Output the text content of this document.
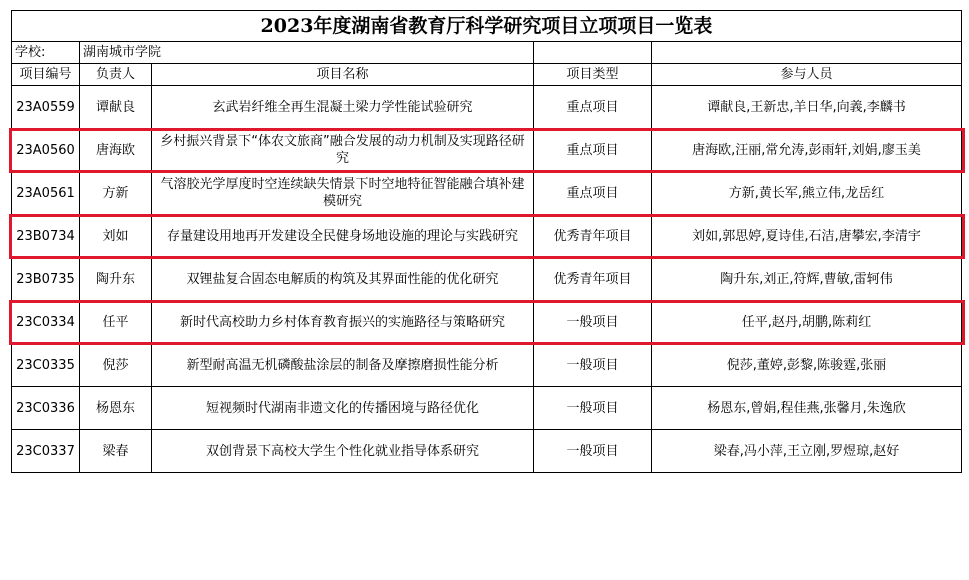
2023年度湖南省教育厅科学研究项目立项项目一览表				
学校:	湖南城市学院			
项目编号	负责人	项目名称	项目类型	参与人员
23A0559	谭献良	玄武岩纤维全再生混凝土梁力学性能试验研究	重点项目	谭献良,王新忠,羊日华,向義,李麟书
23A0560	唐海欧	乡村振兴背景下“体农文旅商”融合发展的动力机制及实现路径研究	重点项目	唐海欧,汪丽,常允涛,彭雨轩,刘娟,廖玉美
23A0561	方新	气溶胶光学厚度时空连续缺失情景下时空地特征智能融合填补建模研究	重点项目	方新,黄长军,熊立伟,龙岳红
23B0734	刘如	存量建设用地再开发建设全民健身场地设施的理论与实践研究	优秀青年项目	刘如,郭思婷,夏诗佳,石洁,唐攀宏,李清宇
23B0735	陶升东	双锂盐复合固态电解质的构筑及其界面性能的优化研究	优秀青年项目	陶升东,刘正,符辉,曹敏,雷轲伟
23C0334	任平	新时代高校助力乡村体育教育振兴的实施路径与策略研究	一般项目	任平,赵丹,胡鹏,陈莉红
23C0335	倪莎	新型耐高温无机磷酸盐涂层的制备及摩擦磨损性能分析	一般项目	倪莎,董婷,彭黎,陈骏霆,张丽
23C0336	杨恩东	短视频时代湖南非遗文化的传播困境与路径优化	一般项目	杨恩东,曾娟,程佳燕,张馨月,朱逸欣
23C0337	梁春	双创背景下高校大学生个性化就业指导体系研究	一般项目	梁春,冯小萍,王立刚,罗煜琼,赵好
